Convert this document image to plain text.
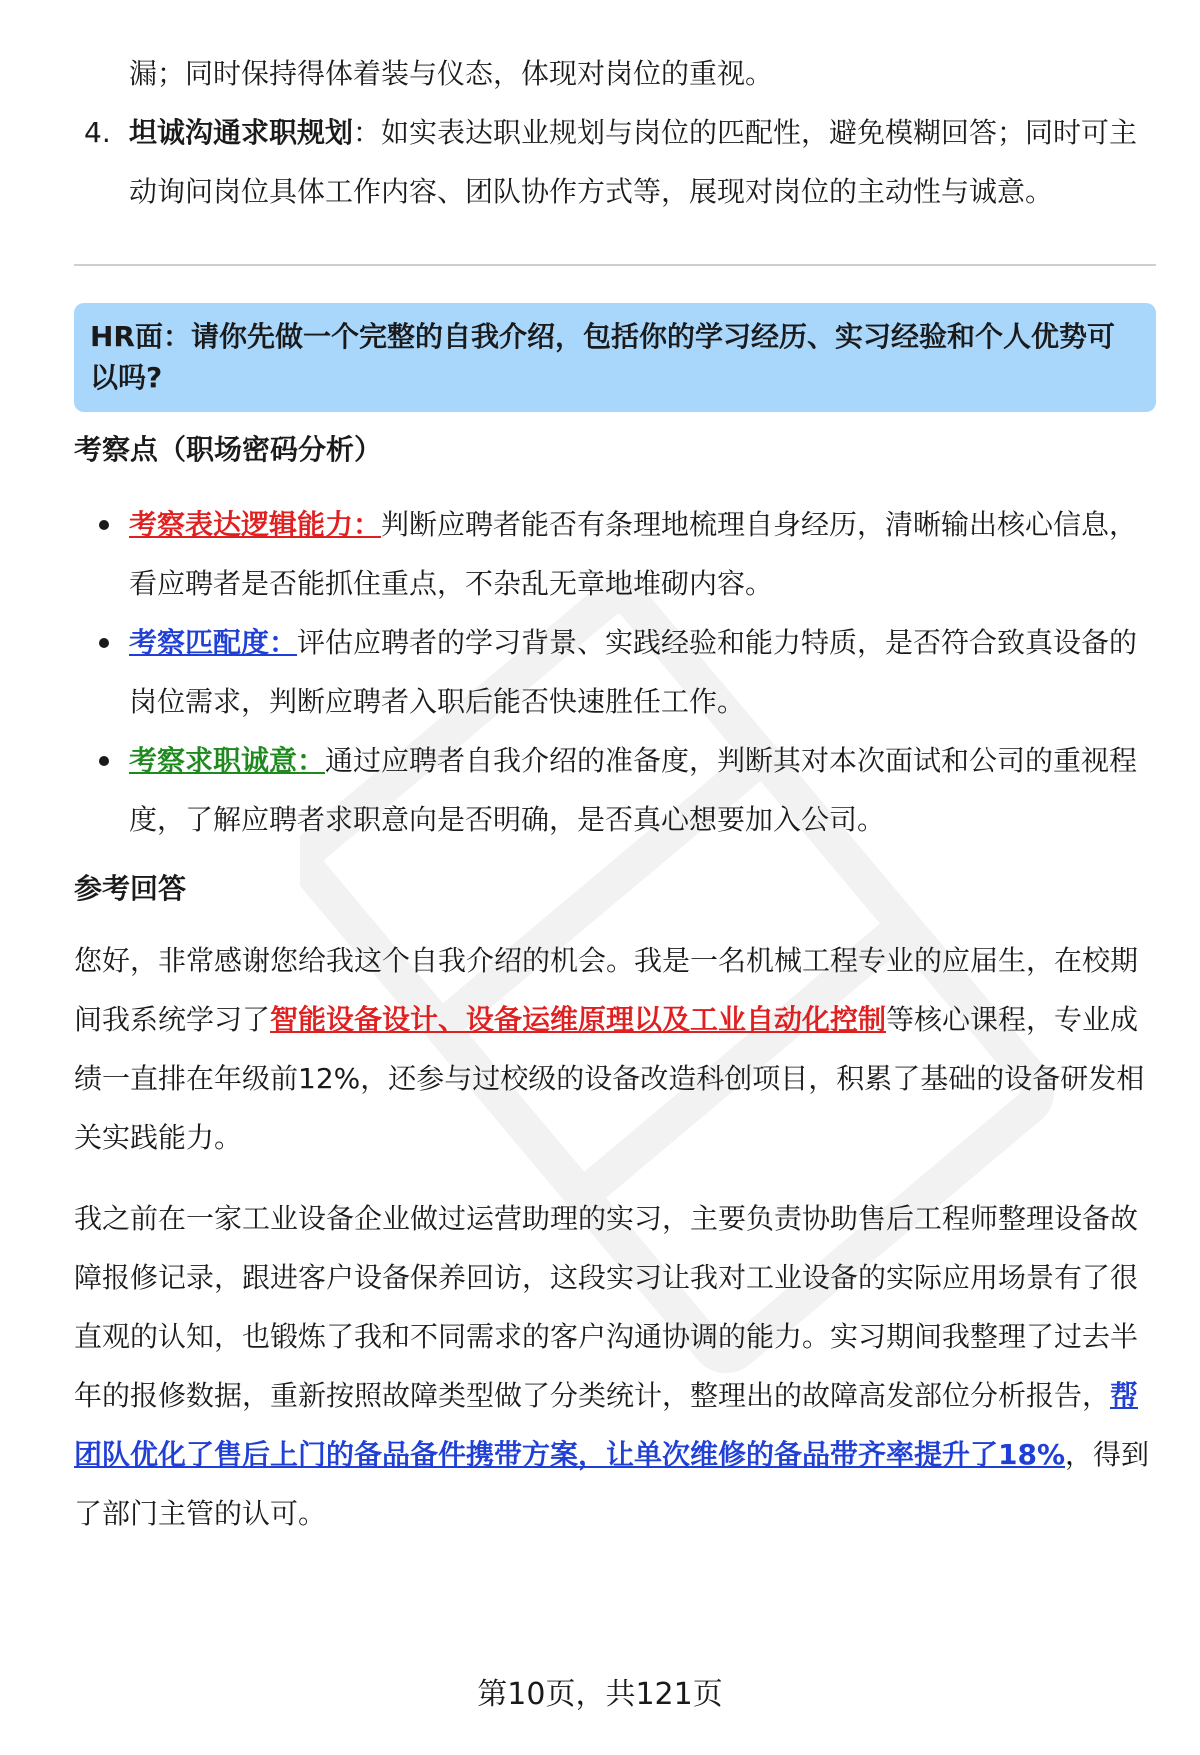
漏；同时保持得体着装与仪态，体现对岗位的重视。
4. 坦诚沟通求职规划：如实表达职业规划与岗位的匹配性，避免模糊回答；同时可主动询问岗位具体工作内容、团队协作方式等，展现对岗位的主动性与诚意。
HR面：请你先做一个完整的自我介绍，包括你的学习经历、实习经验和个人优势可以吗?
考察点（职场密码分析）
考察表达逻辑能力：判断应聘者能否有条理地梳理自身经历，清晰输出核心信息，看应聘者是否能抓住重点，不杂乱无章地堆砌内容。
考察匹配度：评估应聘者的学习背景、实践经验和能力特质，是否符合致真设备的岗位需求，判断应聘者入职后能否快速胜任工作。
考察求职诚意：通过应聘者自我介绍的准备度，判断其对本次面试和公司的重视程度，了解应聘者求职意向是否明确，是否真心想要加入公司。
参考回答

您好，非常感谢您给我这个自我介绍的机会。我是一名机械工程专业的应届生，在校期间我系统学习了智能设备设计、设备运维原理以及工业自动化控制等核心课程，专业成绩一直排在年级前12%，还参与过校级的设备改造科创项目，积累了基础的设备研发相关实践能力。

我之前在一家工业设备企业做过运营助理的实习，主要负责协助售后工程师整理设备故障报修记录，跟进客户设备保养回访，这段实习让我对工业设备的实际应用场景有了很直观的认知，也锻炼了我和不同需求的客户沟通协调的能力。实习期间我整理了过去半年的报修数据，重新按照故障类型做了分类统计，整理出的故障高发部位分析报告，帮团队优化了售后上门的备品备件携带方案，让单次维修的备品带齐率提升了18%，得到了部门主管的认可。

第10页，共121页
